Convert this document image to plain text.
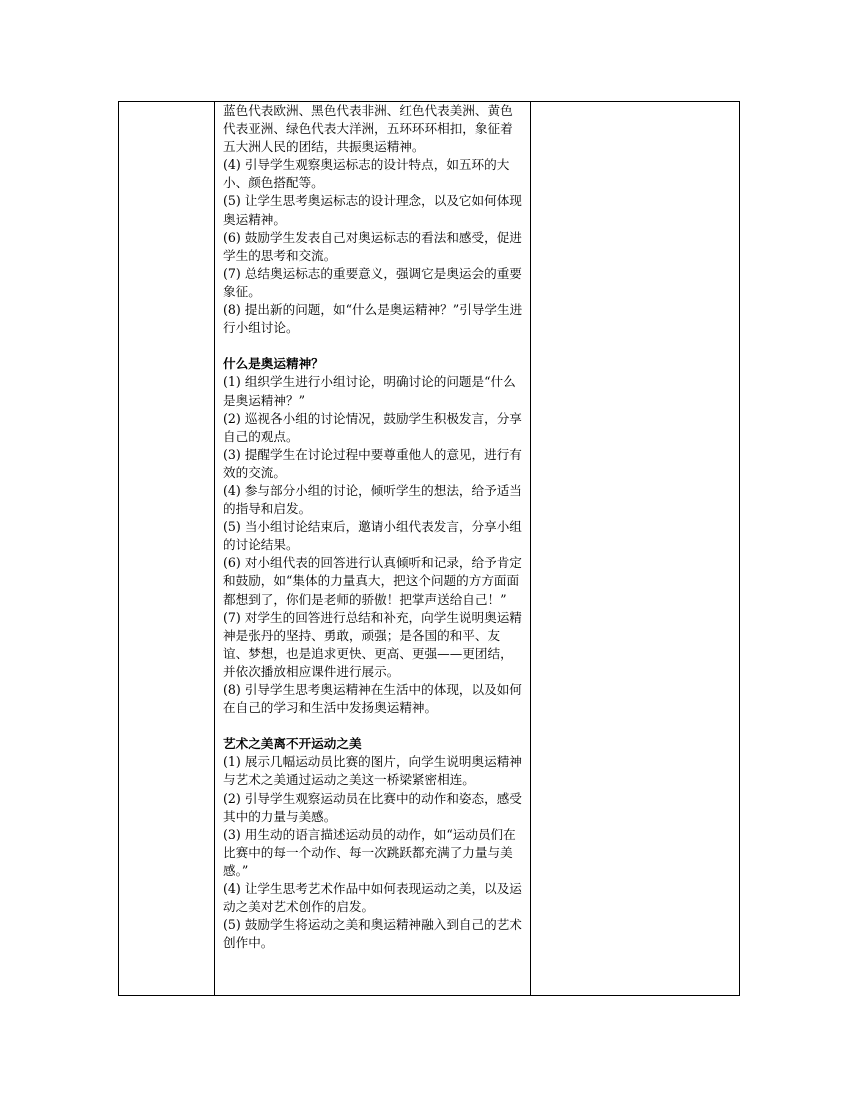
蓝色代表欧洲、黑色代表非洲、红色代表美洲、黄色代表亚洲、绿色代表大洋洲，五环环环相扣，象征着五大洲人民的团结，共振奥运精神。

(4) 引导学生观察奥运标志的设计特点，如五环的大小、颜色搭配等。

(5) 让学生思考奥运标志的设计理念，以及它如何体现奥运精神。

(6) 鼓励学生发表自己对奥运标志的看法和感受，促进学生的思考和交流。

(7) 总结奥运标志的重要意义，强调它是奥运会的重要象征。

(8) 提出新的问题，如“什么是奥运精神？”引导学生进行小组讨论。

什么是奥运精神？

(1) 组织学生进行小组讨论，明确讨论的问题是“什么是奥运精神？”

(2) 巡视各小组的讨论情况，鼓励学生积极发言，分享自己的观点。

(3) 提醒学生在讨论过程中要尊重他人的意见，进行有效的交流。

(4) 参与部分小组的讨论，倾听学生的想法，给予适当的指导和启发。

(5) 当小组讨论结束后，邀请小组代表发言，分享小组的讨论结果。

(6) 对小组代表的回答进行认真倾听和记录，给予肯定和鼓励，如“集体的力量真大，把这个问题的方方面面都想到了，你们是老师的骄傲！把掌声送给自己！”

(7) 对学生的回答进行总结和补充，向学生说明奥运精神是张丹的坚持、勇敢，顽强；是各国的和平、友谊、梦想，也是追求更快、更高、更强——更团结，并依次播放相应课件进行展示。

(8) 引导学生思考奥运精神在生活中的体现，以及如何在自己的学习和生活中发扬奥运精神。

艺术之美离不开运动之美

(1) 展示几幅运动员比赛的图片，向学生说明奥运精神与艺术之美通过运动之美这一桥梁紧密相连。

(2) 引导学生观察运动员在比赛中的动作和姿态，感受其中的力量与美感。

(3) 用生动的语言描述运动员的动作，如“运动员们在比赛中的每一个动作、每一次跳跃都充满了力量与美感。”

(4) 让学生思考艺术作品中如何表现运动之美，以及运动之美对艺术创作的启发。

(5) 鼓励学生将运动之美和奥运精神融入到自己的艺术创作中。
